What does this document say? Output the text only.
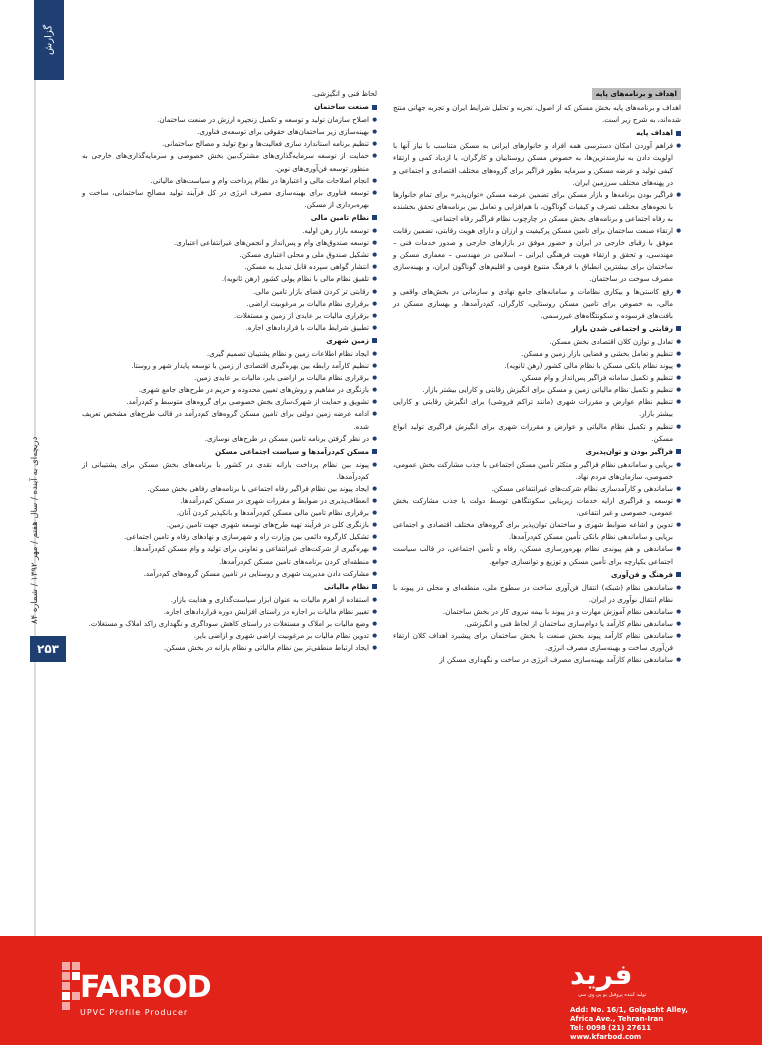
گزارش
دریچه‌ای به آینده / سال هفتم / مهر ۱۳۹۲ / شماره ۸۴
۲۵۳
اهداف و برنامه‌های پایه

اهداف و برنامه‌های پایه بخش مسکن که از اصول، تجربه و تحلیل شرایط ایران و تجربه جهانی منتج شده‌اند، به شرح زیر است.

اهداف پایه

● فراهم آوردن امکان دسترسی همه افراد و خانوارهای ایرانی به مسکن متناسب با نیاز آنها با اولویت دادن به نیازمندترین‌ها، به خصوص مسکن روستاییان و کارگران، با ازدیاد کمی و ارتقاء کیفی تولید و عرضه مسکن و سرمایه بطور فراگیر برای گروه‌های مختلف اقتصادی و اجتماعی و در پهنه‌های مختلف سرزمین ایران.

● فراگیر بودن برنامه‌ها و بازار مسکن برای تضمین عرضه مسکن «توان‌پذیر» برای تمام خانوارها با نحوه‌های مختلف تصرف و کیفیات گوناگون، با هم‌افزایی و تعامل بین برنامه‌های تحقق بخشنده به رفاه اجتماعی و برنامه‌های بخش مسکن در چارچوب نظام فراگیر رفاه اجتماعی.

● ارتقاء صنعت ساختمان برای تامین مسکن پرکیفیت و ارزان و دارای هویت رقابتی، تضمین رقابت موفق با رقبای خارجی در ایران و حضور موفق در بازارهای خارجی و صدور خدمات فنی – مهندسی، و تحقق و ارتقاء هویت فرهنگی ایرانی – اسلامی در مهندسی – معماری مسکن و ساختمان برای بیشترین انطباق با فرهنگ متنوع قومی و اقلیم‌های گوناگون ایران، و بهینه‌سازی مصرف سوخت در ساختمان.

● رفع کاستی‌ها و بیکاری نظامات و سامانه‌های جامع نهادی و سازمانی در بخش‌های واقعی و مالی، به خصوص برای تامین مسکن روستایی، کارگران، کم‌درآمدها، و بهسازی مسکن در بافت‌های فرسوده و سکونتگاه‌های غیررسمی.

رقابتی و اجتماعی شدن بازار

● تعادل و توازن کلان اقتصادی بخش مسکن.

● تنظیم و تعامل بخشی و فضایی بازار زمین و مسکن.

● پیوند نظام بانکی مسکن با نظام مالی کشور (رهن ثانویه).

● تنظیم و تکمیل سامانه فراگیر پس‌انداز و وام مسکن.

● تنظیم و تکمیل نظام مالیاتی زمین و مسکن برای انگیزش رقابتی و کارایی بیشتر بازار.

● تنظیم نظام عوارض و مقررات شهری (مانند تراکم فروشی) برای انگیزش رقابتی و کارایی بیشتر بازار.

● تنظیم و تکمیل نظام مالیاتی و عوارض و مقررات شهری برای انگیزش فراگیری تولید انواع مسکن.

فراگیر بودن و توان‌پذیری

● برپایی و ساماندهی نظام فراگیر و متکثر تأمین مسکن اجتماعی با جذب مشارکت بخش عمومی، خصوصی، سازمان‌های مردم نهاد.

● ساماندهی و کارآمدسازی نظام شرکت‌های غیرانتفاعی مسکن.

● توسعه و فراگیری ارایه خدمات زیربنایی سکونتگاهی توسط دولت با جذب مشارکت بخش عمومی، خصوصی و غیر انتفاعی.

● تدوین و اشاعه ضوابط شهری و ساختمان توان‌پذیر برای گروه‌های مختلف اقتصادی و اجتماعی برپایی و ساماندهی نظام بانکی تأمین مسکن کم‌درآمدها.

● ساماندهی و هم پیوندی نظام بهره‌ورسازی مسکن، رفاه و تأمین اجتماعی، در قالب سیاست اجتماعی یکپارچه برای تأمین مسکن و توزیع و توانسازی جوامع.

فرهنگ و فن‌آوری

● ساماندهی نظام (شبکه) انتقال فن‌آوری ساخت در سطوح ملی، منطقه‌ای و محلی در پیوند با نظام انتقال نوآوری در ایران.

● ساماندهی نظام آموزش مهارت و در پیوند با بیمه نیروی کار در بخش ساختمان.

● ساماندهی نظام کارآمد یا دوام‌سازی ساختمان از لحاظ فنی و انگیزشی.

● ساماندهی نظام کارآمد پیوند بخش صنعت با بخش ساختمان برای پیشبرد اهداف کلان ارتقاء فن‌آوری ساخت و بهینه‌سازی مصرف انرژی.

● ساماندهی نظام کارآمد بهینه‌سازی مصرف انرژی در ساخت و نگهداری مسکن از

لحاظ فنی و انگیزشی.

صنعت ساختمان

● اصلاح سازمان تولید و توسعه و تکمیل زنجیره ارزش در صنعت ساختمان.

● بهینه‌سازی زیر ساختمان‌های حقوقی برای توسعه‌ی فناوری.

● تنظیم برنامه استاندارد سازی فعالیت‌ها و نوع تولید و مصالح ساختمانی.

● حمایت از توسعه سرمایه‌گذاری‌های مشترک‌بین بخش خصوصی و سرمایه‌گذاری‌های خارجی به منظور توسعه فن‌آوری‌های نوین.

● انجام اصلاحات مالی و اعتبارها در نظام پرداخت وام و سیاست‌های مالیاتی.

● توسعه فناوری برای بهینه‌سازی مصرف انرژی در کل فرآیند تولید مصالح ساختمانی، ساخت و بهره‌برداری از مسکن.

نظام تامین مالی

● توسعه بازار رهن اولیه.

● توسعه صندوق‌های وام و پس‌انداز و انجمن‌های غیرانتفاعی اعتباری.

● تشکیل صندوق ملی و محلی اعتباری مسکن.

● انتشار گواهی سپرده قابل تبدیل به مسکن.

● تلفیق نظام مالی با نظام پولی کشور (رهن ثانویه).

● رقابتی تر کردن فضای بازار تامین مالی.

● برقراری نظام مالیات بر مرغوبیت اراضی.

● برقراری مالیات بر عایدی از زمین و مستغلات.

● تطبیق شرایط مالیات با قراردادهای اجاره.

زمین شهری

● ایجاد نظام اطلاعات زمین و نظام پشتیبان تصمیم گیری.

● تنظیم کارآمد رابطه بین بهره‌گیری اقتصادی از زمین با توسعه پایدار شهر و روستا.

● برقراری نظام مالیات بر اراضی بایر، مالیات بر عایدی زمین.

● بازنگری در مفاهیم و روش‌های تعیین محدوده و حریم در طرح‌های جامع شهری.

● تشویق و حمایت از شهرک‌سازی بخش خصوصی برای گروه‌های متوسط و کم‌درآمد.

● ادامه عرضه زمین دولتی برای تامین مسکن گروه‌های کم‌درآمد در قالب طرح‌های مشخص تعریف شده.

● در نظر گرفتن برنامه تامین مسکن در طرح‌های نوسازی.

مسکن کم‌درآمدها و سیاست اجتماعی مسکن

● پیوند بین نظام پرداخت یارانه نقدی در کشور با برنامه‌های بخش مسکن برای پشتیبانی از کم‌درآمدها.

● ایجاد پیوند بین نظام فراگیر رفاه اجتماعی با برنامه‌های رفاهی بخش مسکن.

● انعطاف‌پذیری در ضوابط و مقررات شهری در مسکن کم‌درآمدها.

● برقراری نظام تامین مالی مسکن کم‌درآمدها و بانکپذیر کردن آنان.

● بازنگری کلی در فرآیند تهیه طرح‌های توسعه شهری جهت تامین زمین.

● تشکیل کارگروه دائمی بین وزارت راه و شهرسازی و نهادهای رفاه و تامین اجتماعی.

● بهره‌گیری از شرکت‌های غیرانتفاعی و تعاونی برای تولید و وام مسکن کم‌درآمدها.

● منطقه‌ای کردن برنامه‌های تامین مسکن کم‌درآمدها.

● مشارکت دادن مدیریت شهری و روستایی در تامین مسکن گروه‌های کم‌درآمد.

نظام مالیاتی

● استفاده از اهرم مالیات به عنوان ابزار سیاست‌گذاری و هدایت بازار.

● تغییر نظام مالیات بر اجاره در راستای افزایش دوره قراردادهای اجاره.

● وضع مالیات بر املاک و مستغلات در راستای کاهش سوداگری و نگهداری راکد املاک و مستغلات.

● تدوین نظام مالیات بر مرغوبیت اراضی شهری و اراضی بایر.

● ایجاد ارتباط منطقی‌تر بین نظام مالیاتی و نظام یارانه در بخش مسکن.

FARBOD
UPVC Profile Producer
فرید
تولید کننده پروفیل یو پی وی سی
Add: No. 16/1, Golgasht Alley,
Africa Ave., Tehran-Iran
Tel: 0098 (21) 27611
www.kfarbod.com
